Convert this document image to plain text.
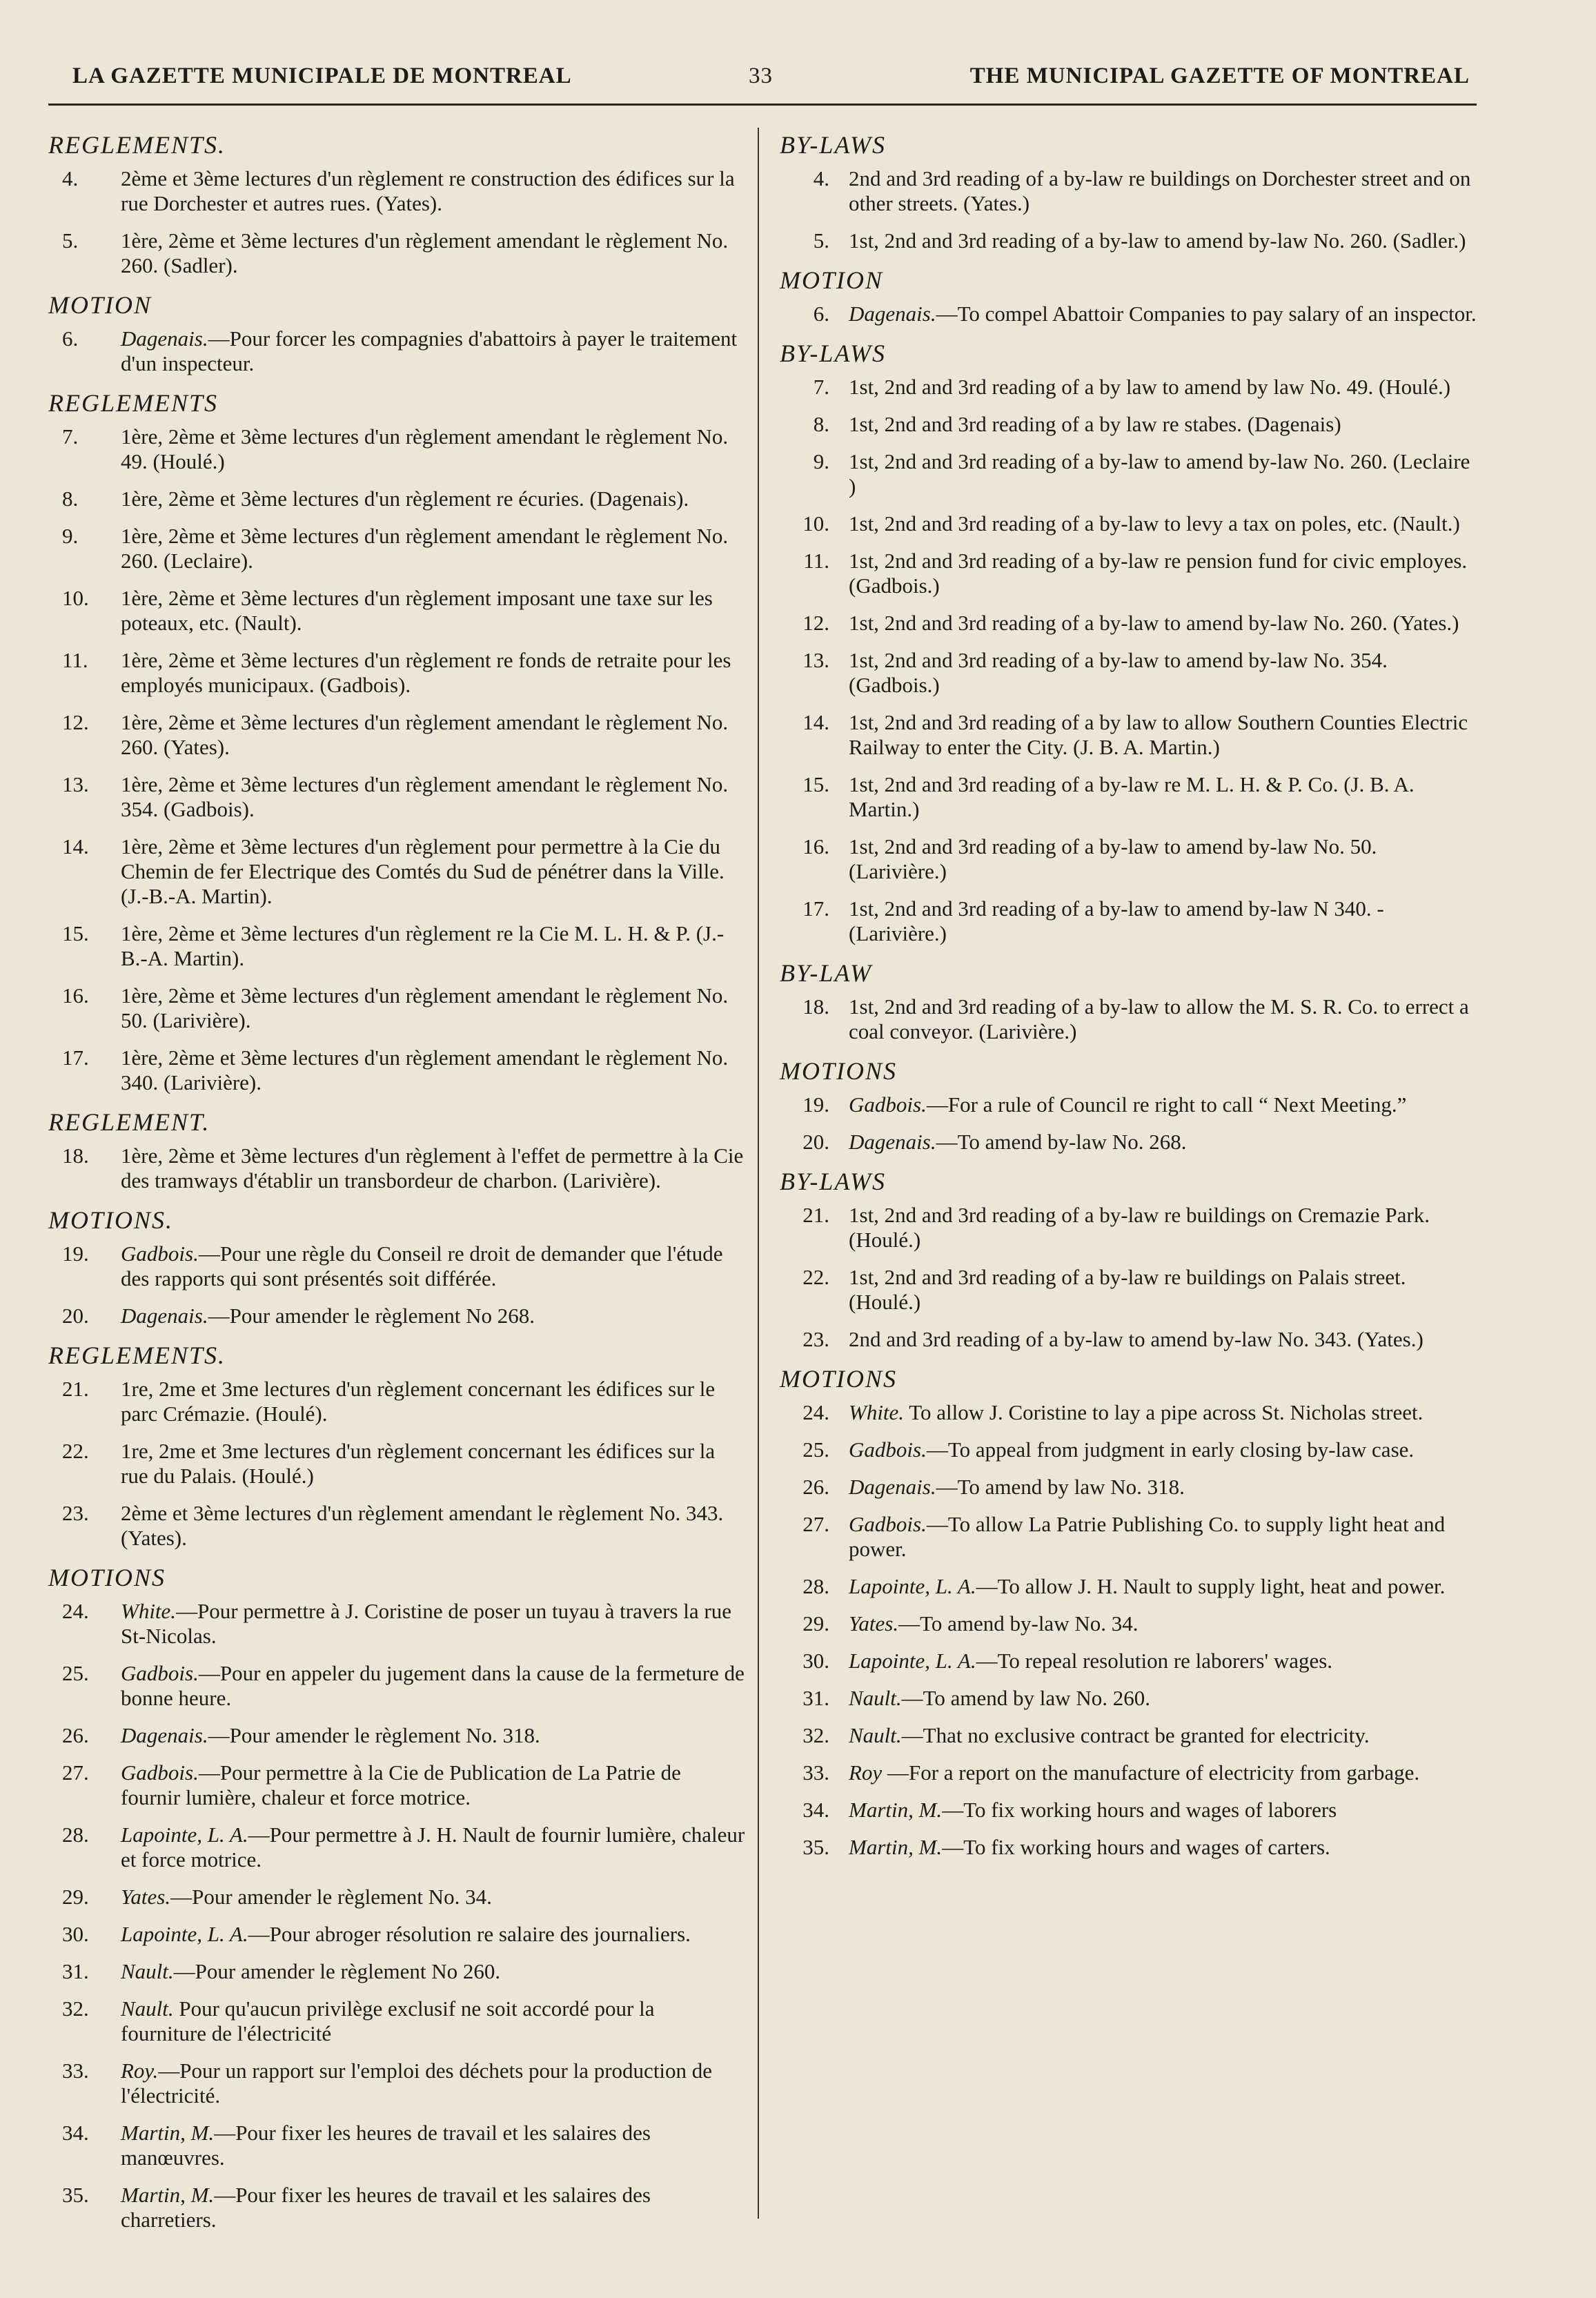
LA GAZETTE MUNICIPALE DE MONTREAL	33	THE MUNICIPAL GAZETTE OF MONTREAL
REGLEMENTS.
4.	2ème et 3ème lectures d'un règlement re construction des édifices sur la rue Dorchester et autres rues. (Yates).
5.	1ère, 2ème et 3ème lectures d'un règlement amendant le règlement No. 260. (Sadler).
MOTION
6.	Dagenais.—Pour forcer les compagnies d'abattoirs à payer le traitement d'un inspecteur.
REGLEMENTS
7.	1ère, 2ème et 3ème lectures d'un règlement amendant le règlement No. 49. (Houlé.)
8.	1ère, 2ème et 3ème lectures d'un règlement re écuries. (Dagenais).
9.	1ère, 2ème et 3ème lectures d'un règlement amendant le règlement No. 260. (Leclaire).
10.	1ère, 2ème et 3ème lectures d'un règlement imposant une taxe sur les poteaux, etc. (Nault).
11.	1ère, 2ème et 3ème lectures d'un règlement re fonds de retraite pour les employés municipaux. (Gadbois).
12.	1ère, 2ème et 3ème lectures d'un règlement amendant le règlement No. 260. (Yates).
13.	1ère, 2ème et 3ème lectures d'un règlement amendant le règlement No. 354. (Gadbois).
14.	1ère, 2ème et 3ème lectures d'un règlement pour permettre à la Cie du Chemin de fer Electrique des Comtés du Sud de pénétrer dans la Ville. (J.-B.-A. Martin).
15.	1ère, 2ème et 3ème lectures d'un règlement re la Cie M. L. H. & P. (J.-B.-A. Martin).
16.	1ère, 2ème et 3ème lectures d'un règlement amendant le règlement No. 50. (Larivière).
17.	1ère, 2ème et 3ème lectures d'un règlement amendant le règlement No. 340. (Larivière).
REGLEMENT.
18.	1ère, 2ème et 3ème lectures d'un règlement à l'effet de permettre à la Cie des tramways d'établir un transbordeur de charbon. (Larivière).
MOTIONS.
19.	Gadbois.—Pour une règle du Conseil re droit de demander que l'étude des rapports qui sont présentés soit différée.
20.	Dagenais.—Pour amender le règlement No 268.
REGLEMENTS.
21.	1re, 2me et 3me lectures d'un règlement concernant les édifices sur le parc Crémazie. (Houlé).
22.	1re, 2me et 3me lectures d'un règlement concernant les édifices sur la rue du Palais. (Houlé.)
23.	2ème et 3ème lectures d'un règlement amendant le règlement No. 343. (Yates).
MOTIONS
24.	White.—Pour permettre à J. Coristine de poser un tuyau à travers la rue St-Nicolas.
25.	Gadbois.—Pour en appeler du jugement dans la cause de la fermeture de bonne heure.
26.	Dagenais.—Pour amender le règlement No. 318.
27.	Gadbois.—Pour permettre à la Cie de Publication de La Patrie de fournir lumière, chaleur et force motrice.
28.	Lapointe, L. A.—Pour permettre à J. H. Nault de fournir lumière, chaleur et force motrice.
29.	Yates.—Pour amender le règlement No. 34.
30.	Lapointe, L. A.—Pour abroger résolution re salaire des journaliers.
31.	Nault.—Pour amender le règlement No 260.
32.	Nault. Pour qu'aucun privilège exclusif ne soit accordé pour la fourniture de l'électricité
33.	Roy.—Pour un rapport sur l'emploi des déchets pour la production de l'électricité.
34.	Martin, M.—Pour fixer les heures de travail et les salaires des manœuvres.
35.	Martin, M.—Pour fixer les heures de travail et les salaires des charretiers.
BY-LAWS
4. 2nd and 3rd reading of a by-law re buildings on Dorchester street and on other streets. (Yates.)
5. 1st, 2nd and 3rd reading of a by-law to amend by-law No. 260. (Sadler.)
MOTION
6. Dagenais.—To compel Abattoir Companies to pay salary of an inspector.
BY-LAWS
7. 1st, 2nd and 3rd reading of a by law to amend by law No. 49. (Houlé.)
8. 1st, 2nd and 3rd reading of a by law re stabes. (Dagenais)
9. 1st, 2nd and 3rd reading of a by-law to amend by-law No. 260. (Leclaire )
10. 1st, 2nd and 3rd reading of a by-law to levy a tax on poles, etc. (Nault.)
11. 1st, 2nd and 3rd reading of a by-law re pension fund for civic employes. (Gadbois.)
12. 1st, 2nd and 3rd reading of a by-law to amend by-law No. 260. (Yates.)
13. 1st, 2nd and 3rd reading of a by-law to amend by-law No. 354. (Gadbois.)
14. 1st, 2nd and 3rd reading of a by law to allow Southern Counties Electric Railway to enter the City. (J. B. A. Martin.)
15. 1st, 2nd and 3rd reading of a by-law re M. L. H. & P. Co. (J. B. A. Martin.)
16. 1st, 2nd and 3rd reading of a by-law to amend by-law No. 50. (Larivière.)
17. 1st, 2nd and 3rd reading of a by-law to amend by-law N 340. - (Larivière.)
BY-LAW
18. 1st, 2nd and 3rd reading of a by-law to allow the M. S. R. Co. to errect a coal conveyor. (Larivière.)
MOTIONS
19. Gadbois.—For a rule of Council re right to call “ Next Meeting.”
20. Dagenais.—To amend by-law No. 268.
BY-LAWS
21. 1st, 2nd and 3rd reading of a by-law re buildings on Cremazie Park. (Houlé.)
22. 1st, 2nd and 3rd reading of a by-law re buildings on Palais street. (Houlé.)
23. 2nd and 3rd reading of a by-law to amend by-law No. 343. (Yates.)
MOTIONS
24. White. To allow J. Coristine to lay a pipe across St. Nicholas street.
25. Gadbois.—To appeal from judgment in early closing by-law case.
26. Dagenais.—To amend by law No. 318.
27. Gadbois.—To allow La Patrie Publishing Co. to supply light heat and power.
28. Lapointe, L. A.—To allow J. H. Nault to supply light, heat and power.
29. Yates.—To amend by-law No. 34.
30. Lapointe, L. A.—To repeal resolution re laborers' wages.
31. Nault.—To amend by law No. 260.
32. Nault.—That no exclusive contract be granted for electricity.
33. Roy —For a report on the manufacture of electricity from garbage.
34. Martin, M.—To fix working hours and wages of laborers
35. Martin, M.—To fix working hours and wages of carters.
